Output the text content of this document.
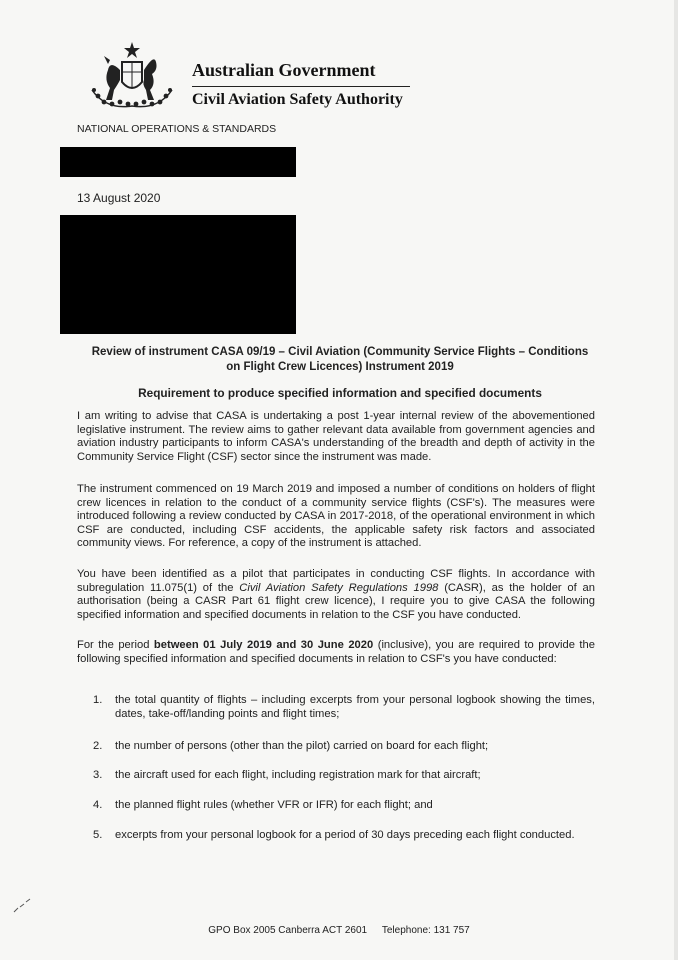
Australian Government
Civil Aviation Safety Authority
NATIONAL OPERATIONS & STANDARDS
13 August 2020
Review of instrument CASA 09/19 – Civil Aviation (Community Service Flights – Conditions on Flight Crew Licences) Instrument 2019
Requirement to produce specified information and specified documents

I am writing to advise that CASA is undertaking a post 1-year internal review of the abovementioned legislative instrument. The review aims to gather relevant data available from government agencies and aviation industry participants to inform CASA's understanding of the breadth and depth of activity in the Community Service Flight (CSF) sector since the instrument was made.

The instrument commenced on 19 March 2019 and imposed a number of conditions on holders of flight crew licences in relation to the conduct of a community service flights (CSF's). The measures were introduced following a review conducted by CASA in 2017-2018, of the operational environment in which CSF are conducted, including CSF accidents, the applicable safety risk factors and associated community views. For reference, a copy of the instrument is attached.

You have been identified as a pilot that participates in conducting CSF flights. In accordance with subregulation 11.075(1) of the Civil Aviation Safety Regulations 1998 (CASR), as the holder of an authorisation (being a CASR Part 61 flight crew licence), I require you to give CASA the following specified information and specified documents in relation to the CSF you have conducted.

For the period between 01 July 2019 and 30 June 2020 (inclusive), you are required to provide the following specified information and specified documents in relation to CSF's you have conducted:

1.	the total quantity of flights – including excerpts from your personal logbook showing the times, dates, take-off/landing points and flight times;
2.	the number of persons (other than the pilot) carried on board for each flight;
3.	the aircraft used for each flight, including registration mark for that aircraft;
4.	the planned flight rules (whether VFR or IFR) for each flight; and
5.	excerpts from your personal logbook for a period of 30 days preceding each flight conducted.
GPO Box 2005 Canberra ACT 2601 Telephone: 131 757
